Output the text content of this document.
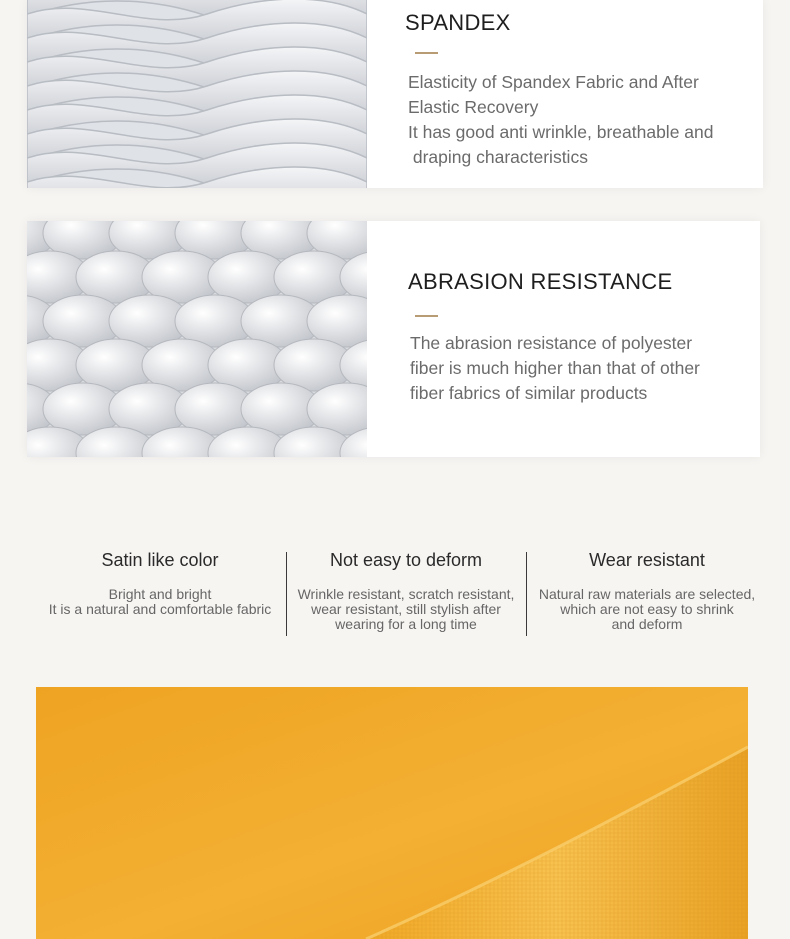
SPANDEX

Elasticity of Spandex Fabric and After
Elastic Recovery
It has good anti wrinkle, breathable and
draping characteristics

ABRASION RESISTANCE

The abrasion resistance of polyester
fiber is much higher than that of other
fiber fabrics of similar products

Satin like color
Bright and bright
It is a natural and comfortable fabric
Not easy to deform
Wrinkle resistant, scratch resistant,
wear resistant, still stylish after
wearing for a long time
Wear resistant
Natural raw materials are selected,
which are not easy to shrink
and deform
